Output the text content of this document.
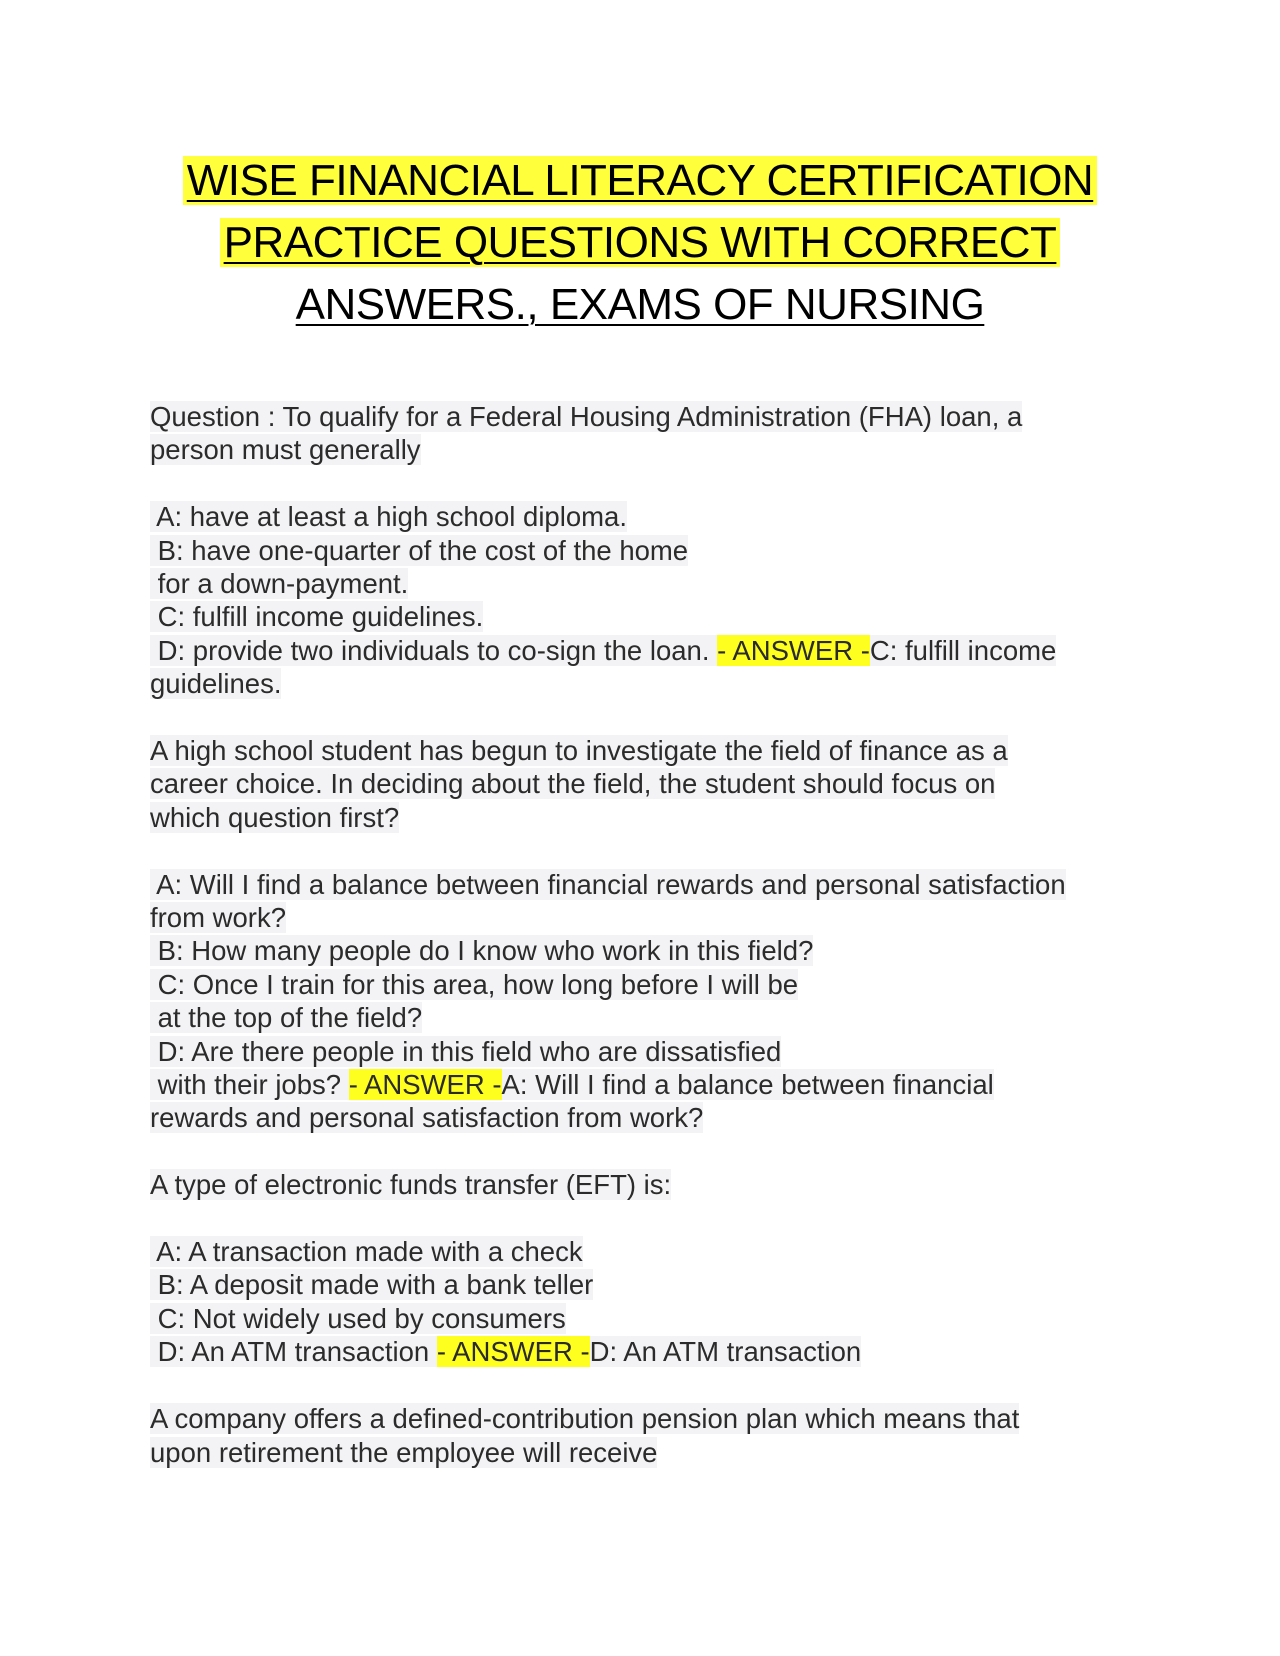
WISE FINANCIAL LITERACY CERTIFICATION
PRACTICE QUESTIONS WITH CORRECT
ANSWERS., EXAMS OF NURSING
Question : To qualify for a Federal Housing Administration (FHA) loan, a
person must generally
A: have at least a high school diploma.
B: have one-quarter of the cost of the home
for a down-payment.
C: fulfill income guidelines.
D: provide two individuals to co-sign the loan. - ANSWER -C: fulfill income
guidelines.
A high school student has begun to investigate the field of finance as a
career choice. In deciding about the field, the student should focus on
which question first?
A: Will I find a balance between financial rewards and personal satisfaction
from work?
B: How many people do I know who work in this field?
C: Once I train for this area, how long before I will be
at the top of the field?
D: Are there people in this field who are dissatisfied
with their jobs? - ANSWER -A: Will I find a balance between financial
rewards and personal satisfaction from work?
A type of electronic funds transfer (EFT) is:
A: A transaction made with a check
B: A deposit made with a bank teller
C: Not widely used by consumers
D: An ATM transaction - ANSWER -D: An ATM transaction
A company offers a defined-contribution pension plan which means that
upon retirement the employee will receive
